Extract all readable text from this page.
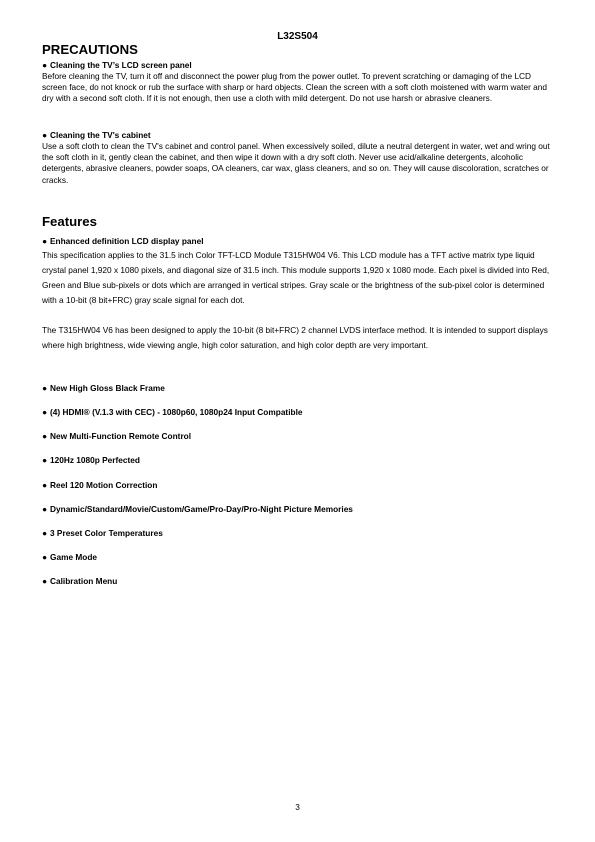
L32S504
PRECAUTIONS

● Cleaning the TV’s LCD screen panel

Before cleaning the TV, turn it off and disconnect the power plug from the power outlet. To prevent scratching or damaging of the LCD screen face, do not knock or rub the surface with sharp or hard objects. Clean the screen with a soft cloth moistened with warm water and dry with a second soft cloth. If it is not enough, then use a cloth with mild detergent. Do not use harsh or abrasive cleaners.

● Cleaning the TV's cabinet

Use a soft cloth to clean the TV's cabinet and control panel. When excessively soiled, dilute a neutral detergent in water, wet and wring out the soft cloth in it, gently clean the cabinet, and then wipe it down with a dry soft cloth. Never use acid/alkaline detergents, alcoholic detergents, abrasive cleaners, powder soaps, OA cleaners, car wax, glass cleaners, and so on. They will cause discoloration, scratches or cracks.

Features

● Enhanced definition LCD display panel

This specification applies to the 31.5 inch Color TFT-LCD Module T315HW04 V6. This LCD module has a TFT active matrix type liquid crystal panel 1,920 x 1080 pixels, and diagonal size of 31.5 inch. This module supports 1,920 x 1080 mode. Each pixel is divided into Red, Green and Blue sub-pixels or dots which are arranged in vertical stripes. Gray scale or the brightness of the sub-pixel color is determined with a 10-bit (8 bit+FRC) gray scale signal for each dot.

The T315HW04 V6 has been designed to apply the 10-bit (8 bit+FRC) 2 channel LVDS interface method. It is intended to support displays where high brightness, wide viewing angle, high color saturation, and high color depth are very important.

● New High Gloss Black Frame

● (4) HDMI® (V.1.3 with CEC) - 1080p60, 1080p24 Input Compatible

● New Multi-Function Remote Control

● 120Hz 1080p Perfected

● Reel 120 Motion Correction

● Dynamic/Standard/Movie/Custom/Game/Pro-Day/Pro-Night Picture Memories

● 3 Preset Color Temperatures

● Game Mode

● Calibration Menu

3
